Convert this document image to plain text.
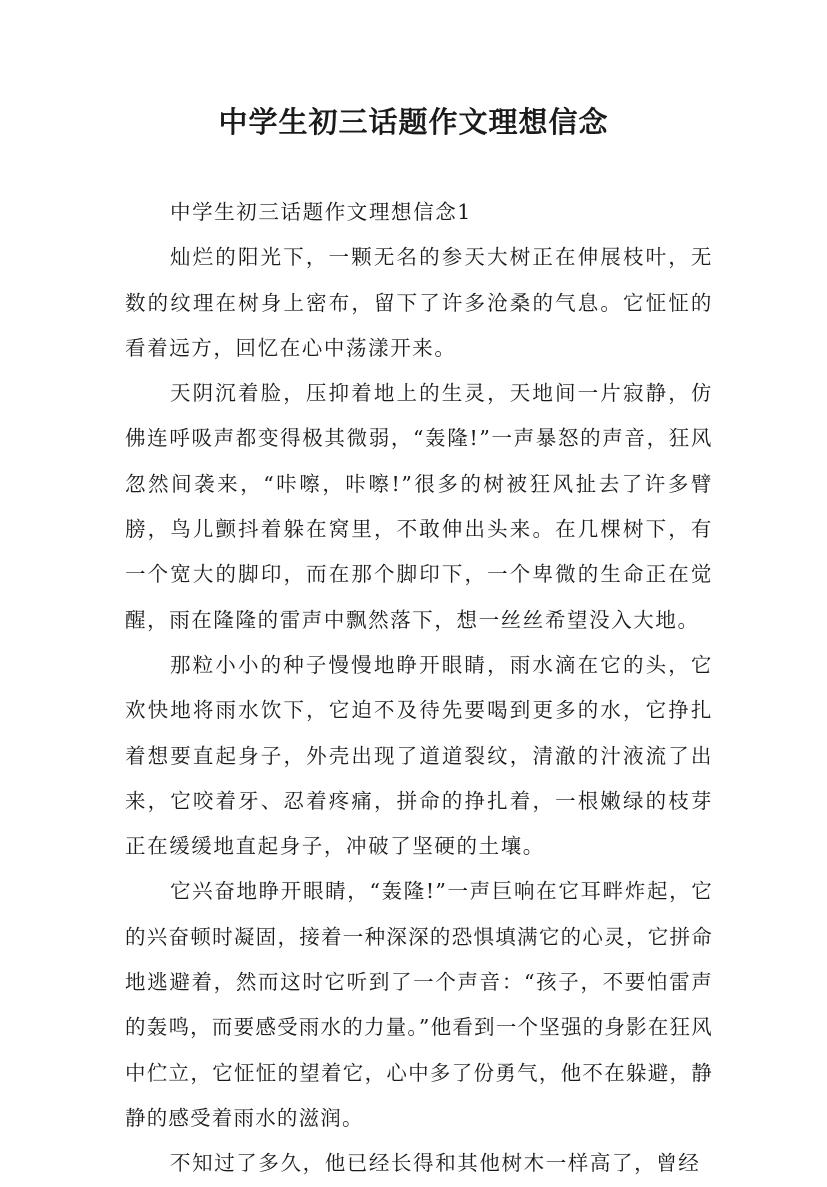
中学生初三话题作文理想信念
中学生初三话题作文理想信念1

灿烂的阳光下，一颗无名的参天大树正在伸展枝叶，无数的纹理在树身上密布，留下了许多沧桑的气息。它怔怔的看着远方，回忆在心中荡漾开来。

天阴沉着脸，压抑着地上的生灵，天地间一片寂静，仿佛连呼吸声都变得极其微弱，“轰隆!”一声暴怒的声音，狂风忽然间袭来，“咔嚓，咔嚓!”很多的树被狂风扯去了许多臂膀，鸟儿颤抖着躲在窝里，不敢伸出头来。在几棵树下，有一个宽大的脚印，而在那个脚印下，一个卑微的生命正在觉醒，雨在隆隆的雷声中飘然落下，想一丝丝希望没入大地。

那粒小小的种子慢慢地睁开眼睛，雨水滴在它的头，它欢快地将雨水饮下，它迫不及待先要喝到更多的水，它挣扎着想要直起身子，外壳出现了道道裂纹，清澈的汁液流了出来，它咬着牙、忍着疼痛，拼命的挣扎着，一根嫩绿的枝芽正在缓缓地直起身子，冲破了坚硬的土壤。

它兴奋地睁开眼睛，“轰隆!”一声巨响在它耳畔炸起，它的兴奋顿时凝固，接着一种深深的恐惧填满它的心灵，它拼命地逃避着，然而这时它听到了一个声音：“孩子，不要怕雷声的轰鸣，而要感受雨水的力量。”他看到一个坚强的身影在狂风中伫立，它怔怔的望着它，心中多了份勇气，他不在躲避，静静的感受着雨水的滋润。

不知过了多久，他已经长得和其他树木一样高了，曾经
